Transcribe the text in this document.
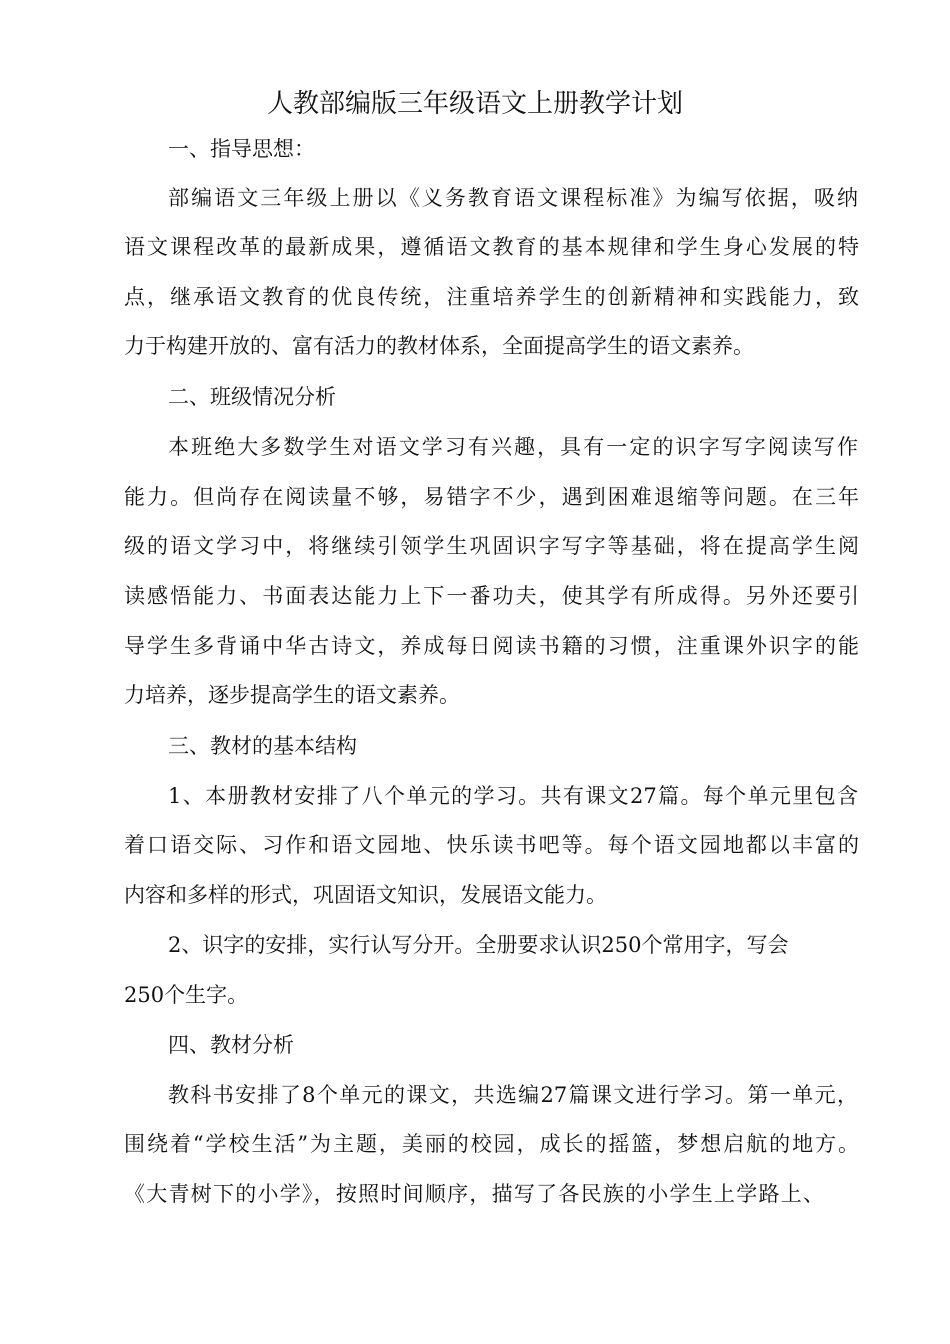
人教部编版三年级语文上册教学计划
一、指导思想：
部编语文三年级上册以《义务教育语文课程标准》为编写依据，吸纳
语文课程改革的最新成果，遵循语文教育的基本规律和学生身心发展的特
点，继承语文教育的优良传统，注重培养学生的创新精神和实践能力，致
力于构建开放的、富有活力的教材体系，全面提高学生的语文素养。
二、班级情况分析
本班绝大多数学生对语文学习有兴趣，具有一定的识字写字阅读写作
能力。但尚存在阅读量不够，易错字不少，遇到困难退缩等问题。在三年
级的语文学习中，将继续引领学生巩固识字写字等基础，将在提高学生阅
读感悟能力、书面表达能力上下一番功夫，使其学有所成得。另外还要引
导学生多背诵中华古诗文，养成每日阅读书籍的习惯，注重课外识字的能
力培养，逐步提高学生的语文素养。
三、教材的基本结构
1、本册教材安排了八个单元的学习。共有课文27篇。每个单元里包含
着口语交际、习作和语文园地、快乐读书吧等。每个语文园地都以丰富的
内容和多样的形式，巩固语文知识，发展语文能力。
2、识字的安排，实行认写分开。全册要求认识250个常用字，写会
250个生字。
四、教材分析
教科书安排了8个单元的课文，共选编27篇课文进行学习。第一单元，
围绕着“学校生活”为主题，美丽的校园，成长的摇篮，梦想启航的地方。
《大青树下的小学》，按照时间顺序，描写了各民族的小学生上学路上、
